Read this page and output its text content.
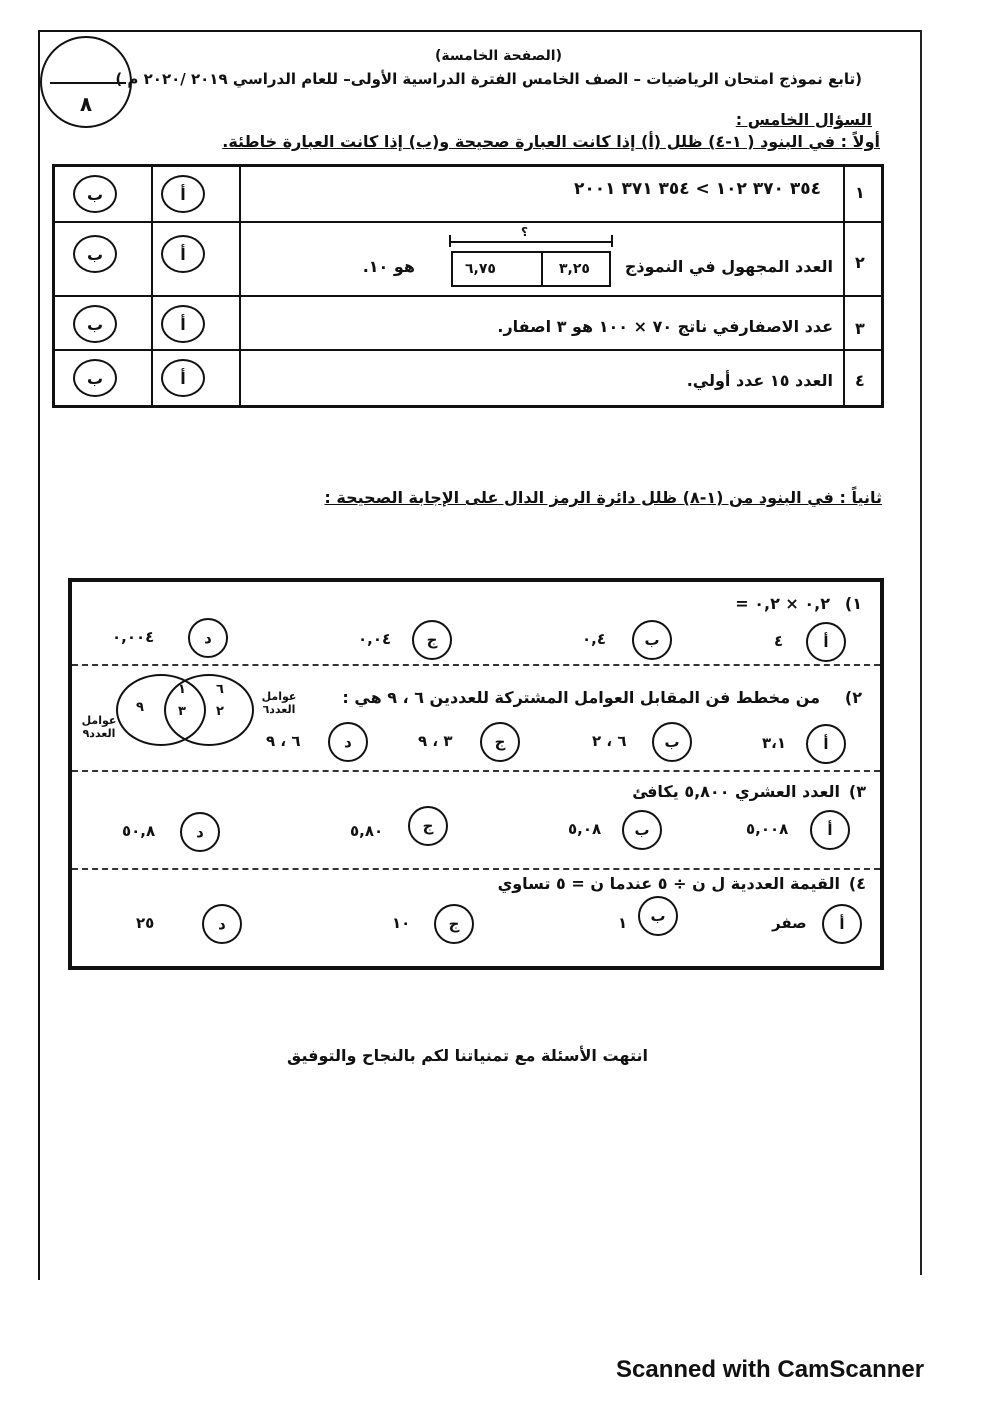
٨
(الصفحة الخامسة)
(تابع نموذج امتحان الرياضيات – الصف الخامس الفترة الدراسية الأولى– للعام الدراسي ٢٠١٩ /٢٠٢٠ م )
السؤال الخامس :
أولاً : في البنود ( ١-٤) ظلل (أ) إذا كانت العبارة صحيحة و(ب) إذا كانت العبارة خاطئة.
١
٣٥٤ ٣٧٠ ١٠٢ > ٣٥٤ ٣٧١ ٢٠٠١
أ
ب
٢
العدد المجهول في النموذج
؟
٦,٧٥	٣,٢٥
هو ١٠.
أ
ب
٣
عدد الاصفارفي ناتج ٧٠ × ١٠٠ هو ٣ اصفار.
أ
ب
٤
العدد ١٥ عدد أولي.
أ
ب
ثانياً : في البنود من (١-٨) ظلل دائرة الرمز الدال على الإجابة الصحيحة :
١)
٠,٢ × ٠,٢ =
أ
٤
ب
٠,٤
ج
٠,٠٤
د
٠,٠٠٤
٢)
من مخطط فن المقابل العوامل المشتركة للعددين ٦ ، ٩ هي :
٩
١
٣
٦
٢
عوامل العدد٦
عوامل العدد٩
أ
٣،١
ب
٦ ، ٢
ج
٣ ، ٩
د
٦ ، ٩
٣)
العدد العشري ٥,٨٠٠ يكافئ
أ
٥,٠٠٨
ب
٥,٠٨
ج
٥,٨٠
د
٥٠,٨
٤)
القيمة العددية ل ن ÷ ٥ عندما ن = ٥ تساوي
أ
صفر
ب
١
ج
١٠
د
٢٥
انتهت الأسئلة مع تمنياتنا لكم بالنجاح والتوفيق
Scanned with CamScanner
